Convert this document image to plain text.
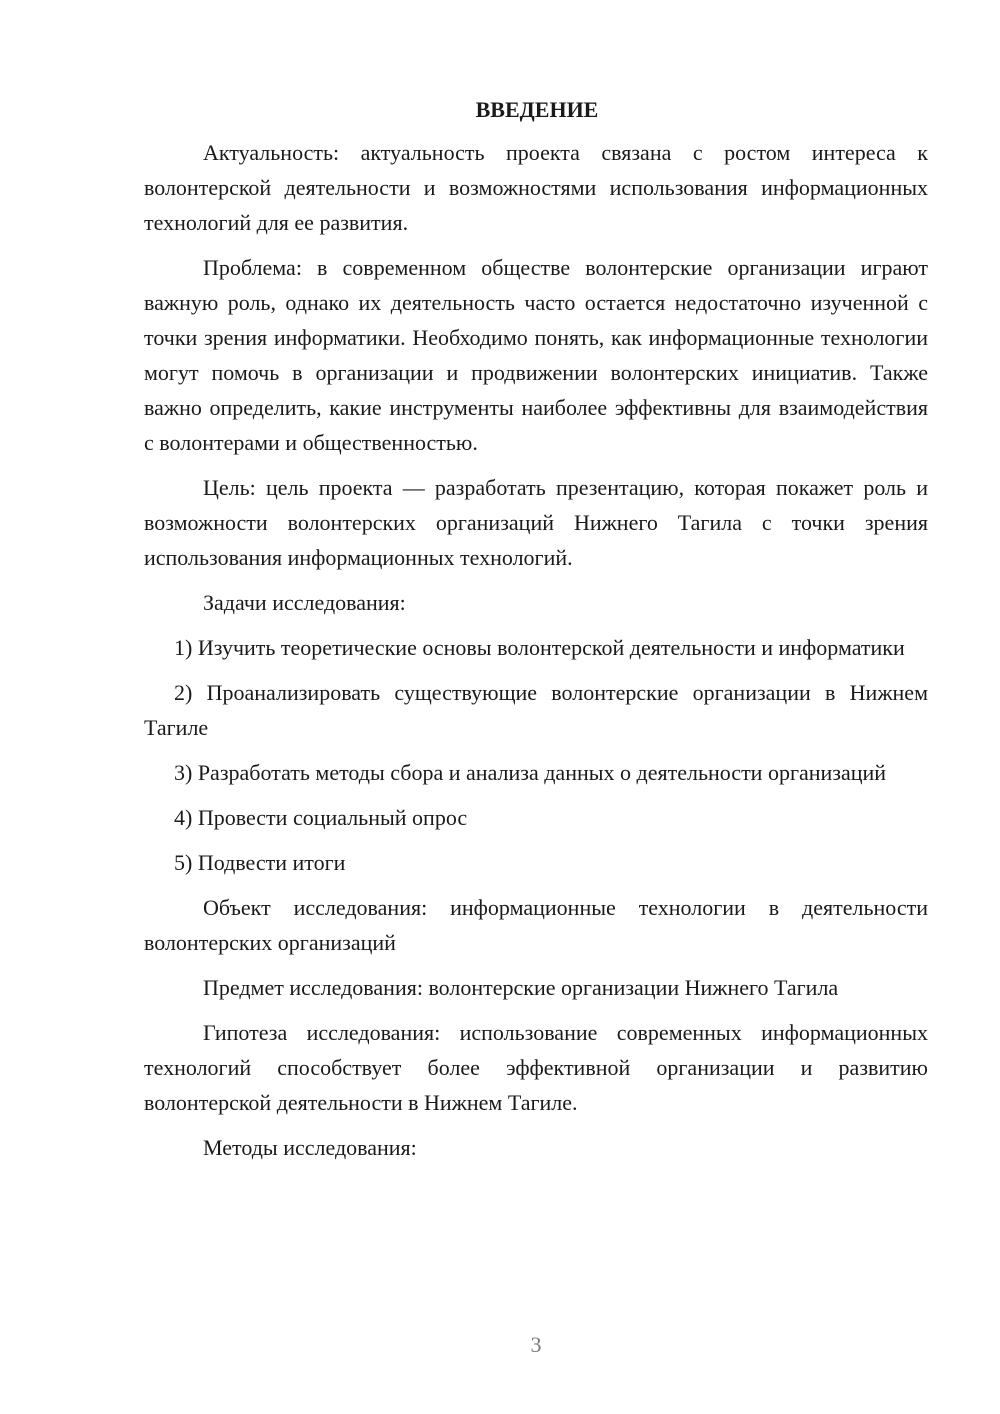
ВВЕДЕНИЕ

Актуальность: актуальность проекта связана с ростом интереса к волонтерской деятельности и возможностями использования информационных технологий для ее развития.

Проблема: в современном обществе волонтерские организации играют важную роль, однако их деятельность часто остается недостаточно изученной с точки зрения информатики. Необходимо понять, как информационные технологии могут помочь в организации и продвижении волонтерских инициатив. Также важно определить, какие инструменты наиболее эффективны для взаимодействия с волонтерами и общественностью.

Цель: цель проекта — разработать презентацию, которая покажет роль и возможности волонтерских организаций Нижнего Тагила с точки зрения использования информационных технологий.

Задачи исследования:

1) Изучить теоретические основы волонтерской деятельности и информатики

2) Проанализировать существующие волонтерские организации в Нижнем Тагиле

3) Разработать методы сбора и анализа данных о деятельности организаций

4) Провести социальный опрос

5) Подвести итоги

Объект исследования: информационные технологии в деятельности волонтерских организаций

Предмет исследования: волонтерские организации Нижнего Тагила

Гипотеза исследования: использование современных информационных технологий способствует более эффективной организации и развитию волонтерской деятельности в Нижнем Тагиле.

Методы исследования:

3
